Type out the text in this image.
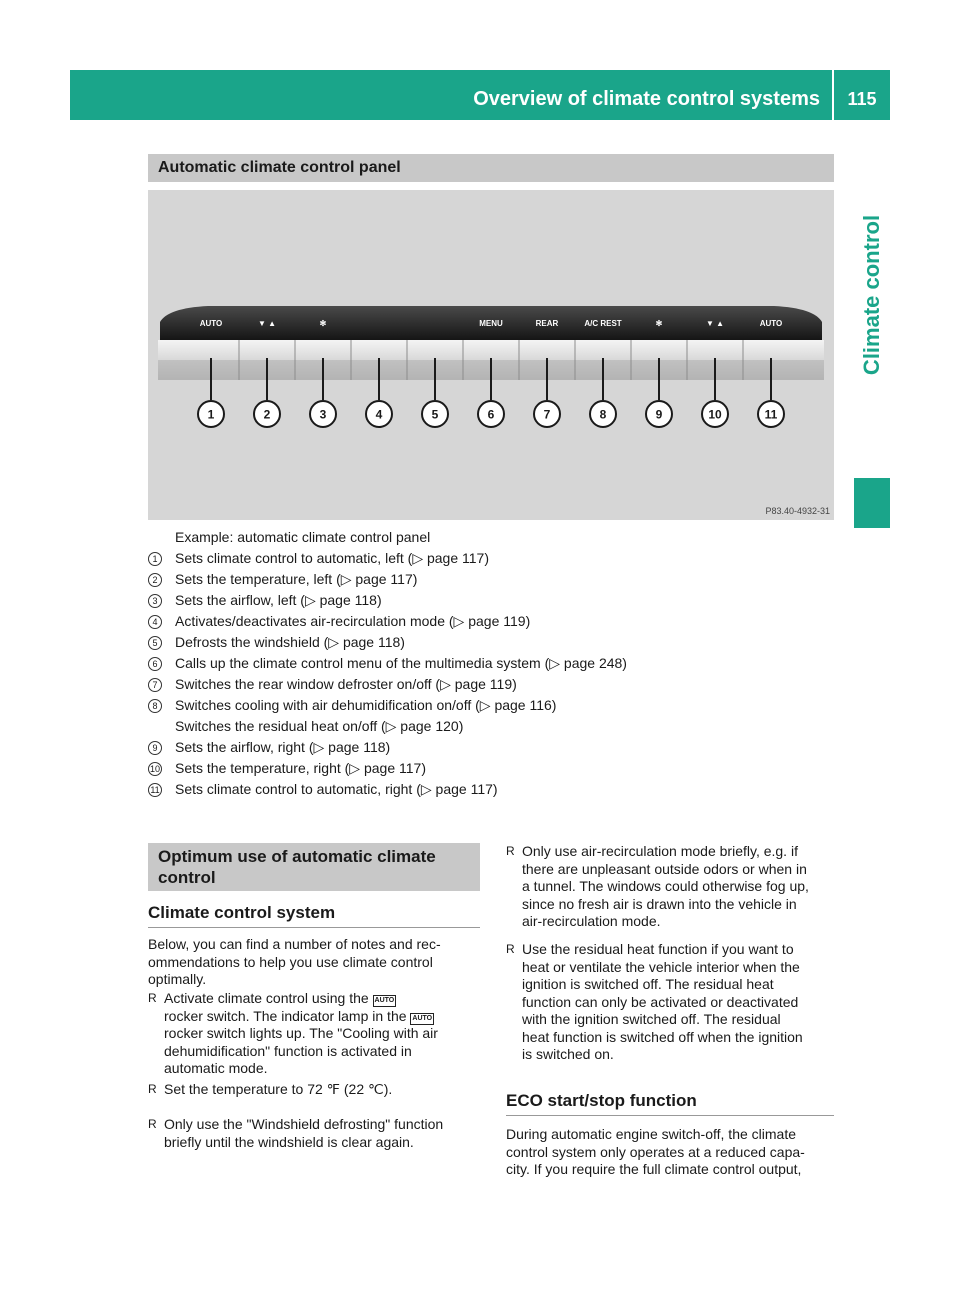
Overview of climate control systems	115
Climate control
Automatic climate control panel
AUTO	▼ ▲	✻	MENU	REAR	A/C REST	✻	▼ ▲	AUTO
1	2	3	4	5	6	7	8	9	10	11
P83.40-4932-31
Example: automatic climate control panel
1	Sets climate control to automatic, left (▷ page 117)
2	Sets the temperature, left (▷ page 117)
3	Sets the airflow, left (▷ page 118)
4	Activates/deactivates air-recirculation mode (▷ page 119)
5	Defrosts the windshield (▷ page 118)
6	Calls up the climate control menu of the multimedia system (▷ page 248)
7	Switches the rear window defroster on/off (▷ page 119)
8	Switches cooling with air dehumidification on/off (▷ page 116)
Switches the residual heat on/off (▷ page 120)
9	Sets the airflow, right (▷ page 118)
10 Sets the temperature, right (▷ page 117)
11 Sets climate control to automatic, right (▷ page 117)
Optimum use of automatic climate
control
Climate control system
Below, you can find a number of notes and rec-
ommendations to help you use climate control
optimally.
R Activate climate control using the AUTO
rocker switch. The indicator lamp in the AUTO
rocker switch lights up. The "Cooling with air
dehumidification" function is activated in
automatic mode.
R Set the temperature to 72 ℉ (22 ℃).
R Only use the "Windshield defrosting" function
briefly until the windshield is clear again.
R Only use air-recirculation mode briefly, e.g. if
there are unpleasant outside odors or when in
a tunnel. The windows could otherwise fog up,
since no fresh air is drawn into the vehicle in
air-recirculation mode.
R Use the residual heat function if you want to
heat or ventilate the vehicle interior when the
ignition is switched off. The residual heat
function can only be activated or deactivated
with the ignition switched off. The residual
heat function is switched off when the ignition
is switched on.
ECO start/stop function
During automatic engine switch-off, the climate
control system only operates at a reduced capa-
city. If you require the full climate control output,
